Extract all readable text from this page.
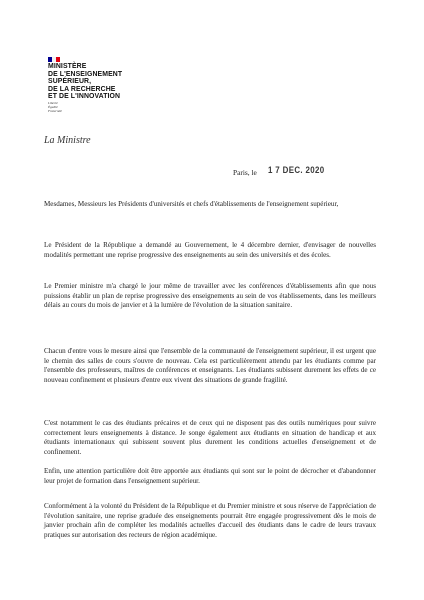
MINISTÈRE
DE L'ENSEIGNEMENT
SUPÉRIEUR,
DE LA RECHERCHE
ET DE L'INNOVATION
Liberté
Égalité
Fraternité
La Ministre
Paris, le 1 7 DEC. 2020
Mesdames, Messieurs les Présidents d'universités et chefs d'établissements de l'enseignement supérieur,
Le Président de la République a demandé au Gouvernement, le 4 décembre dernier, d'envisager de nouvelles modalités permettant une reprise progressive des enseignements au sein des universités et des écoles.
Le Premier ministre m'a chargé le jour même de travailler avec les conférences d'établissements afin que nous puissions établir un plan de reprise progressive des enseignements au sein de vos établissements, dans les meilleurs délais au cours du mois de janvier et à la lumière de l'évolution de la situation sanitaire.
Chacun d'entre vous le mesure ainsi que l'ensemble de la communauté de l'enseignement supérieur, il est urgent que le chemin des salles de cours s'ouvre de nouveau. Cela est particulièrement attendu par les étudiants comme par l'ensemble des professeurs, maîtres de conférences et enseignants. Les étudiants subissent durement les effets de ce nouveau confinement et plusieurs d'entre eux vivent des situations de grande fragilité.
C'est notamment le cas des étudiants précaires et de ceux qui ne disposent pas des outils numériques pour suivre correctement leurs enseignements à distance. Je songe également aux étudiants en situation de handicap et aux étudiants internationaux qui subissent souvent plus durement les conditions actuelles d'enseignement et de confinement.
Enfin, une attention particulière doit être apportée aux étudiants qui sont sur le point de décrocher et d'abandonner leur projet de formation dans l'enseignement supérieur.
Conformément à la volonté du Président de la République et du Premier ministre et sous réserve de l'appréciation de l'évolution sanitaire, une reprise graduée des enseignements pourrait être engagée progressivement dès le mois de janvier prochain afin de compléter les modalités actuelles d'accueil des étudiants dans le cadre de leurs travaux pratiques sur autorisation des recteurs de région académique.
